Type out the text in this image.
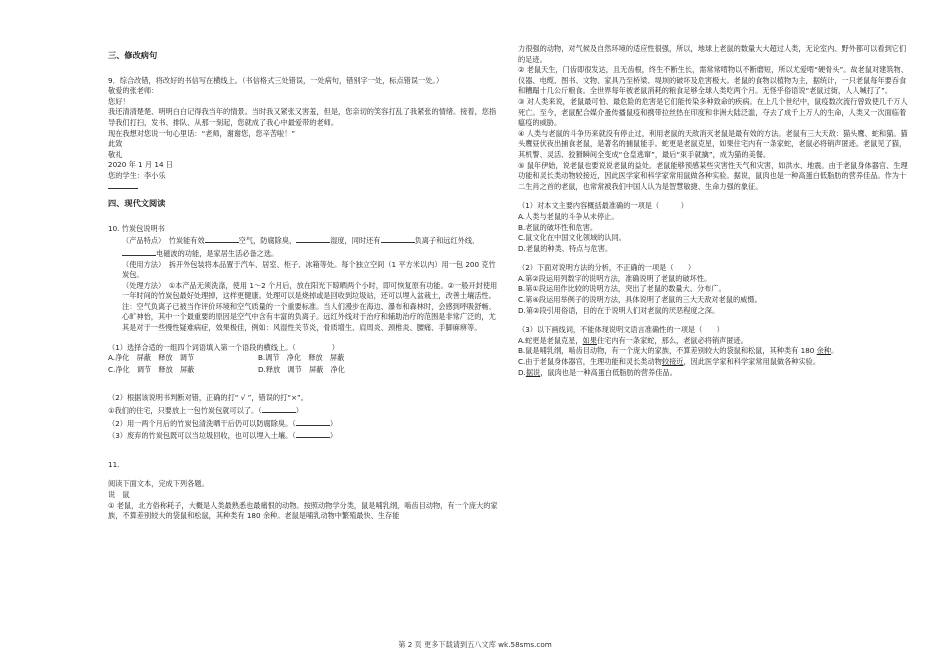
三、修改病句

9．综合改错，将改好的书信写在横线上。（书信格式三处错误，一处病句，错别字一处，标点错误一处。）

敬爱的张老师：

您好！

我还清清楚楚、明明白白记得我当年的情景。当时我又紧张又害羞，但是，您亲切的笑容打乱了我紧张的情绪。接着，您指导我们打扫，发书、排队、从那一刻起，您就成了我心中最爱带的老师。

现在我想对您说一句心里话：“老师，谢谢您，您辛苦啦！”

此致

敬礼

2020 年 1 月 14 日

您的学生：李小乐

四、现代文阅读

10. 竹炭包说明书

（产品特点）　竹炭能有效	空气，防腐除臭，	湿度，同时还有	负离子和远红外线、电磁波的功能，是家居生活必备之选。

（使用方法）　拆开外包装将本品置于汽车、居室、柜子、冰箱等处。每个独立空间（1 平方米以内）用一包 200 克竹炭包。

（处理方法）　①本产品无须洗涤，使用 1～2 个月后，放在阳光下晾晒两个小时，即可恢复原有功能。②一般开封使用一年时间的竹炭包最好处理掉，这样更健康。处理可以是烧掉或是回收到垃圾站，还可以埋入盆栽土，改善土壤活性。

注：空气负离子已被当作评价环境和空气质量的一个重要标准。当人们漫步在海边、瀑布和森林时，会感到呼吸舒畅、心旷神怡，其中一个最重要的原因是空气中含有丰富的负离子。远红外线对于治疗和辅助治疗的范围是非常广泛的，尤其是对于一些慢性疑难病症，效果极佳，例如：风湿性关节炎，骨质增生、肩周炎、颈椎炎、腰痛、手脚麻痹等。

（1）选择合适的一组四个词语填入第一个语段的横线上。（　　　　　）

A.净化　屏蔽　释放　调节	B.调节　净化　释放　屏蔽
C.净化　调节　释放　屏蔽	D.释放　调节　屏蔽　净化

（2）根据该说明书判断对错，正确的打“ √ ”，错误的打“×”。

①我们的住宅，只要放上一包竹炭包就可以了。（	）

（2）用一两个月后的竹炭包清洗晒干后仍可以防腐除臭。（	）

（3）废弃的竹炭包既可以当垃圾回收，也可以埋入土壤。（	）

11.

阅读下面文本，完成下列各题。

说　鼠

① 老鼠，北方俗称耗子，大概是人类最熟悉也最痛恨的动物。按照动物学分类，鼠是哺乳纲，啮齿目动物，有一个庞大的家族，不算差别较大的袋鼠和松鼠，其种类有 180 余种。老鼠是哺乳动物中繁殖最快、生存能

力很强的动物，对气候及自然环境的适应性很强，所以，地球上老鼠的数量大大超过人类，无论室内、野外都可以看到它们的足迹。

② 老鼠天生，门齿即很发达，且无齿根，终生不断生长，需常常啃物以不断磨短，所以尤爱啃“硬骨头”。故老鼠对建筑物、仪器、电缆、图书、文物、家具乃至桥梁、堤坝的破坏及危害极大。老鼠的食物以植物为主，据统计，一只老鼠每年要吞食和糟蹋十几公斤粮食。全世界每年被老鼠消耗的粮食足够全球人类吃两个月。无怪乎俗语说“老鼠过街，人人喊打了”。

③ 对人类来说，老鼠最可怕、最危险的危害是它们能传染多种致命的疾病。在上几个世纪中，鼠疫数次流行曾致使几千万人死亡。至今，老鼠配合媒介蚤传播鼠疫和携带拉丝热在印度和非洲大陆泛滥，夺去了成千上万人的生命，人类又一次面临着瘟疫的威胁。

④ 人类与老鼠的斗争历来就没有停止过，利用老鼠的天敌消灭老鼠是最有效的方法。老鼠有三大天敌：猫头鹰、蛇和猫。猫头鹰昼伏夜出捕食老鼠，是著名的捕鼠能手。蛇更是老鼠克星，如果住宅内有一条家蛇，老鼠必将销声匿迹。老鼠见了猫，其机警、灵活、狡猾瞬间全变成“仓皇逃窜”，最后“束手就擒”，成为猫的美餐。

⑤ 鼠年伊始，说老鼠也要说说老鼠的益处。老鼠能够预感某些灾害性天气和灾害，如洪水、地震。由于老鼠身体器官、生理功能和灵长类动物较接近，因此医学家和科学家常用鼠做各种实验。据说，鼠肉也是一种高蛋白低脂肪的营养佳品。作为十二生肖之首的老鼠，也常常被我们中国人认为是智慧敏捷、生命力强的象征。

（1）对本文主要内容概括最准确的一项是（　　　）

A.人类与老鼠的斗争从未停止。

B.老鼠的破坏性和危害。

C.鼠文化在中国文化领域的认同。

D.老鼠的种类、特点与危害。

（2）下面对说明方法的分析，不正确的一项是（　　）

A.第②段运用列数字的说明方法，准确说明了老鼠的破坏性。

B.第①段运用作比较的说明方法，突出了老鼠的数量大、分布广。

C.第④段运用举例子的说明方法，具体说明了老鼠的三大天敌对老鼠的威慑。

D.第②段引用俗语，目的在于说明人们对老鼠的厌恶程度之深。

（3）以下画线词，不能体现说明文语言准确性的一项是（　　）

A.蛇更是老鼠克星，如果住宅内有一条家蛇，那么，老鼠必将销声匿迹。

B.鼠是哺乳纲，啮齿目动物，有一个庞大的家族，不算差别较大的袋鼠和松鼠，其种类有 180 余种。

C.由于老鼠身体器官，生理功能和灵长类动物较接近，因此医学家和科学家常用鼠做各种实验。

D.据说，鼠肉也是一种高蛋白低脂肪的营养佳品。

第 2 页 更多下载请到五八文库 wk.58sms.com
